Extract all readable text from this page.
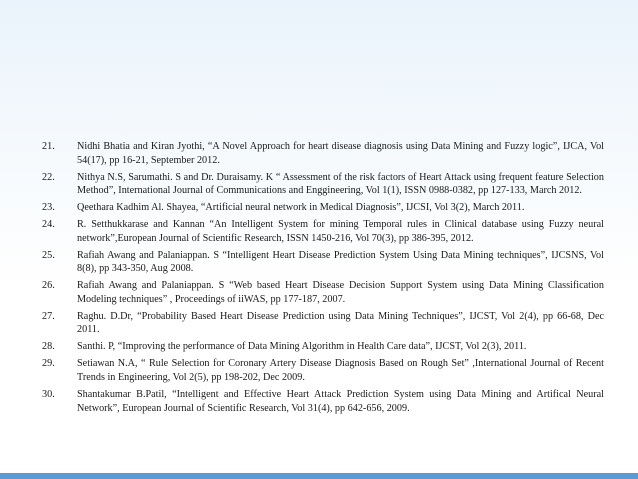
21.	Nidhi Bhatia and Kiran Jyothi, “A Novel Approach for heart disease diagnosis using Data Mining and Fuzzy logic”, IJCA, Vol 54(17), pp 16-21, September 2012.
22.	Nithya N.S, Sarumathi. S and Dr. Duraisamy. K “ Assessment of the risk factors of Heart Attack using frequent feature Selection Method”, International Journal of Communications and Enggineering, Vol 1(1), ISSN 0988-0382, pp 127-133, March 2012.
23.	Qeethara Kadhim Al. Shayea, “Artificial neural network in Medical Diagnosis”, IJCSI, Vol 3(2), March 2011.
24.	R. Setthukkarase and Kannan “An Intelligent System for mining Temporal rules in Clinical database using Fuzzy neural network”,European Journal of Scientific Research, ISSN 1450-216, Vol 70(3), pp 386-395, 2012.
25.	Rafiah Awang and Palaniappan. S “Intelligent Heart Disease Prediction System Using Data Mining techniques”, IJCSNS, Vol 8(8), pp 343-350, Aug 2008.
26.	Rafiah Awang and Palaniappan. S “Web based Heart Disease Decision Support System using Data Mining Classification Modeling techniques” , Proceedings of iiWAS, pp 177-187, 2007.
27.	Raghu. D.Dr, “Probability Based Heart Disease Prediction using Data Mining Techniques”, IJCST, Vol 2(4), pp 66-68, Dec 2011.
28.	Santhi. P, “Improving the performance of Data Mining Algorithm in Health Care data”, IJCST, Vol 2(3), 2011.
29.	Setiawan N.A, “ Rule Selection for Coronary Artery Disease Diagnosis Based on Rough Set” ,International Journal of Recent Trends in Engineering, Vol 2(5), pp 198-202, Dec 2009.
30.	Shantakumar B.Patil, “Intelligent and Effective Heart Attack Prediction System using Data Mining and Artifical Neural Network”, European Journal of Scientific Research, Vol 31(4), pp 642-656, 2009.
